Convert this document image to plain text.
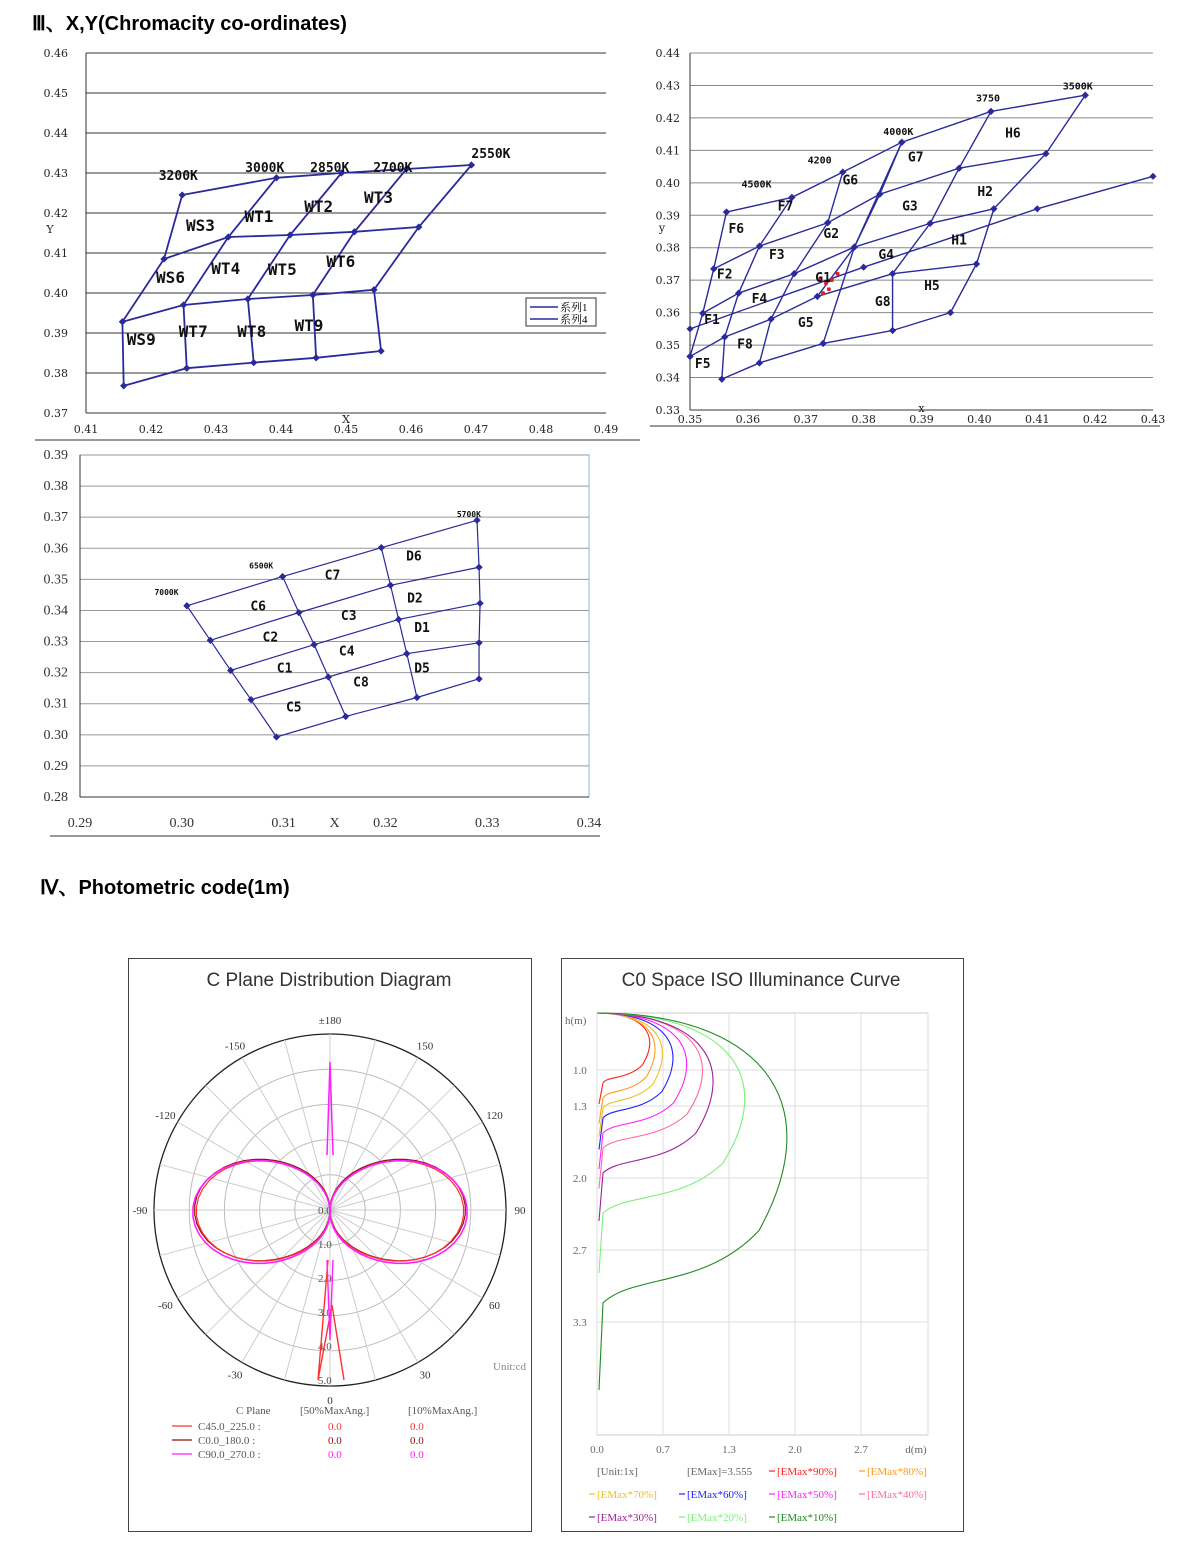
Ⅲ、X,Y(Chromacity co-ordinates)
Ⅳ、Photometric code(1m)
0.37
0.38
0.39
0.40
0.41
0.42
0.43
0.44
0.45
0.46
0.41	0.42	0.43	0.44	0.45	0.46	0.47	0.48	0.49
X
Y	WS3 WT1
WT2 WT3
WS6 WT4 WT5 WT6
WS9 WT7 WT8 WT9
3200K
3000K 2850K 2700K
2550K
系列1
系列4
0.33
0.34
0.35
0.36
0.37
0.38
0.39
0.40
0.41
0.42
0.43
0.44
0.35	0.36	0.37	0.38	0.39	0.40	0.41	0.42	0.43
x
y
F7
F6
G6
G7
H6
H2
G3
G2
F3
F2
G4
H1
G1
F4
H5
G8
F1	G5
F8
F5
4500K
4200
4000K
3750
3500K
0.28
0.29
0.30
0.31
0.32
0.33
0.34
0.35
0.36
0.37
0.38
0.39
0.29	0.30	0.31	0.32	0.33	0.34
X
D6
C7
D2
C6
C3
D1
C2
C4
C1	D5
C8
C5
7000K
6500K
5700K
C Plane Distribution Diagram
±180
150
120
90
60
30
0
-30
-60
-90
-120
-150
0.0
1.0
2.0
3.0
4.0
5.0
Unit:cd
C Plane	[50%MaxAng.]	[10%MaxAng.]
C45.0_225.0 :	0.0	0.0
C0.0_180.0 :	0.0	0.0
C90.0_270.0 :	0.0	0.0
C0 Space ISO Illuminance Curve
h(m)
1.0
1.3
2.0
2.7
3.3
0.0	0.7	1.3	2.0	2.7	d(m)
[Unit:1x]	[EMax]=3.555 [EMax*90%]	[EMax*80%]
[EMax*70%]	[EMax*60%]	[EMax*50%]	[EMax*40%]
[EMax*30%]	[EMax*20%]	[EMax*10%]
